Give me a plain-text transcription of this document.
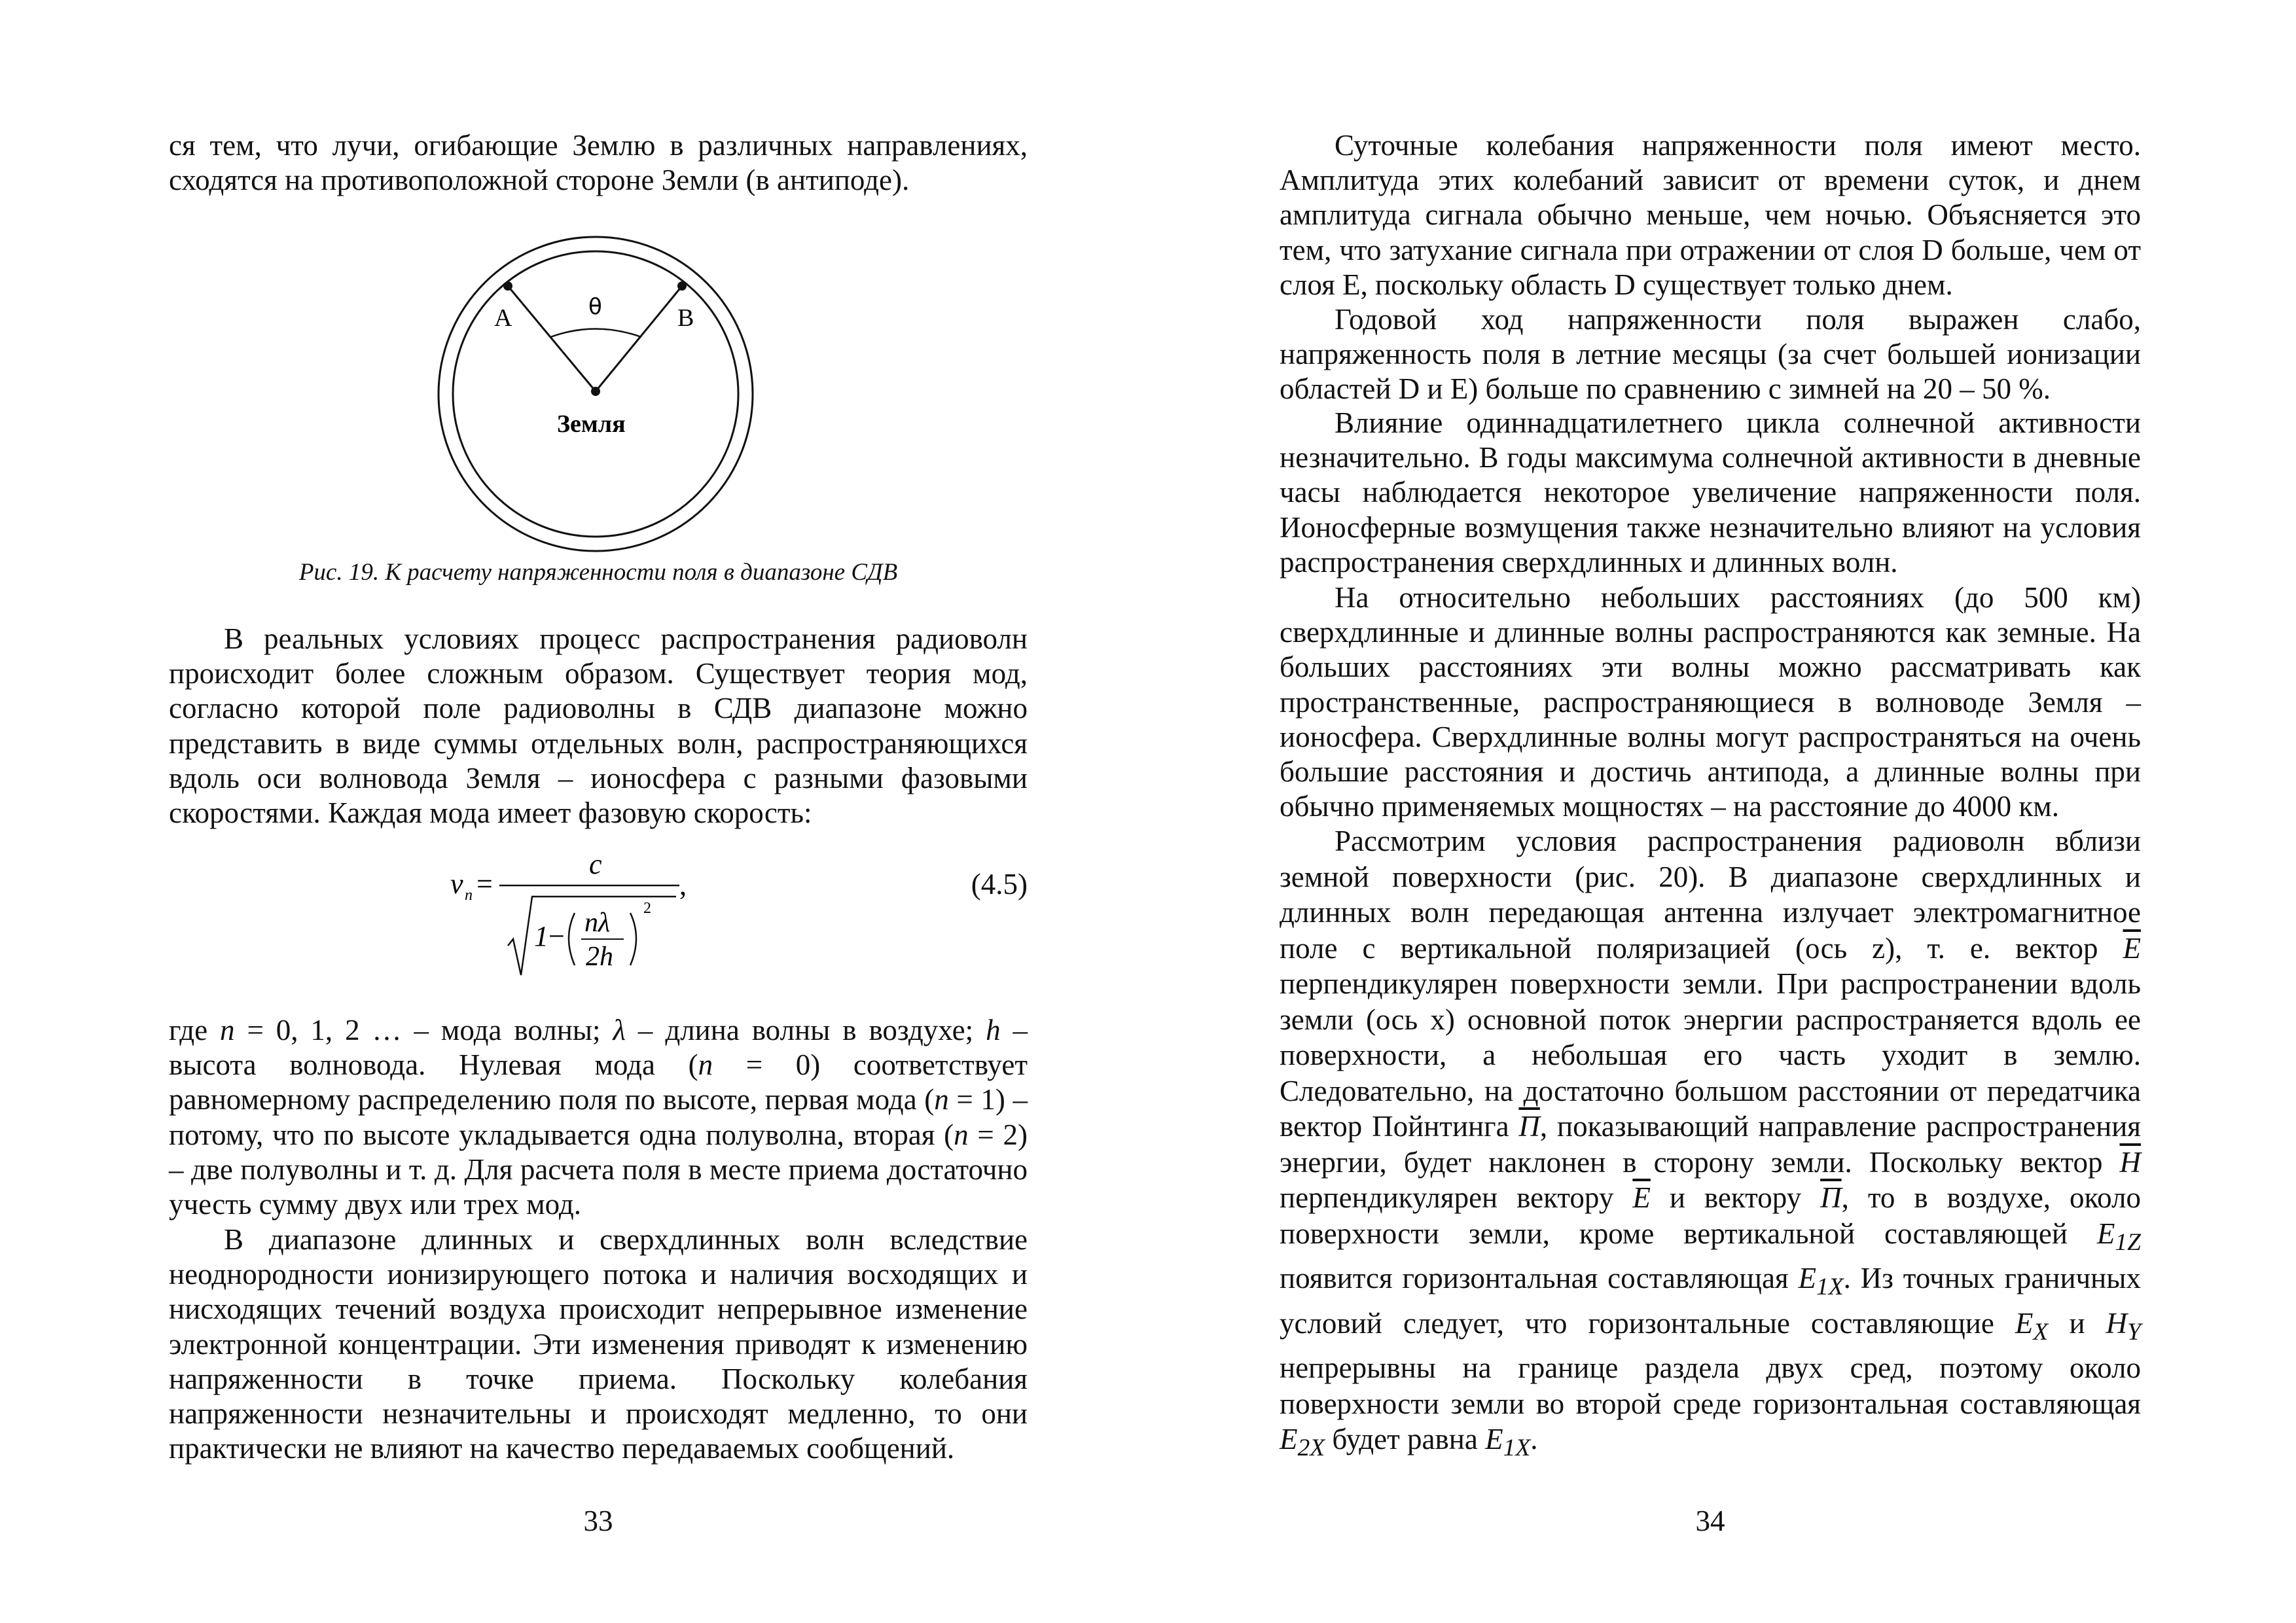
ся тем, что лучи, огибающие Землю в различных направлениях, сходятся на противоположной стороне Земли (в антиподе).

A	B
θ
Земля
Рис. 19. К расчету напряженности поля в диапазоне СДВ

В реальных условиях процесс распространения радиоволн происходит более сложным образом. Существует теория мод, согласно которой поле радиоволны в СДВ диапазоне можно представить в виде суммы отдельных волн, распространяющихся вдоль оси волновода Земля – ионосфера с разными фазовыми скоростями. Каждая мода имеет фазовую скорость:

v n =
c
1 − nλ
2h
2
,	(4.5)

где n = 0, 1, 2 … – мода волны; λ – длина волны в воздухе; h – высота волновода. Нулевая мода (n = 0) соответствует равномерному распределению поля по высоте, первая мода (n = 1) – потому, что по высоте укладывается одна полуволна, вторая (n = 2) – две полуволны и т. д. Для расчета поля в месте приема достаточно учесть сумму двух или трех мод.

В диапазоне длинных и сверхдлинных волн вследствие неоднородности ионизирующего потока и наличия восходящих и нисходящих течений воздуха происходит непрерывное изменение электронной концентрации. Эти изменения приводят к изменению напряженности в точке приема. Поскольку колебания напряженности незначительны и происходят медленно, то они практически не влияют на качество передаваемых сообщений.

33

Суточные колебания напряженности поля имеют место. Амплитуда этих колебаний зависит от времени суток, и днем амплитуда сигнала обычно меньше, чем ночью. Объясняется это тем, что затухание сигнала при отражении от слоя D больше, чем от слоя E, поскольку область D существует только днем.

Годовой ход напряженности поля выражен слабо, напряженность поля в летние месяцы (за счет большей ионизации областей D и E) больше по сравнению с зимней на 20 – 50 %.

Влияние одиннадцатилетнего цикла солнечной активности незначительно. В годы максимума солнечной активности в дневные часы наблюдается некоторое увеличение напряженности поля. Ионосферные возмущения также незначительно влияют на условия распространения сверхдлинных и длинных волн.

На относительно небольших расстояниях (до 500 км) сверхдлинные и длинные волны распространяются как земные. На больших расстояниях эти волны можно рассматривать как пространственные, распространяющиеся в волноводе Земля – ионосфера. Сверхдлинные волны могут распространяться на очень большие расстояния и достичь антипода, а длинные волны при обычно применяемых мощностях – на расстояние до 4000 км.

Рассмотрим условия распространения радиоволн вблизи земной поверхности (рис. 20). В диапазоне сверхдлинных и длинных волн передающая антенна излучает электромагнитное поле с вертикальной поляризацией (ось z), т. е. вектор $\overline{E}$ перпендикулярен поверхности земли. При распространении вдоль земли (ось x) основной поток энергии распространяется вдоль ее поверхности, а небольшая его часть уходит в землю. Следовательно, на достаточно большом расстоянии от передатчика вектор Пойнтинга П, показывающий направление распространения энергии, будет наклонен в сторону земли. Поскольку вектор $\overline{H}$ перпендикулярен вектору $\overline{E}$ и вектору П, то в воздухе, около поверхности земли, кроме вертикальной составляющей $E_{1Z}$ появится горизонтальная составляющая $E_{1X}$. Из точных граничных условий следует, что горизонтальные составляющие $E_X$ и $H_Y$ непрерывны на границе раздела двух сред, поэтому около поверхности земли во второй среде горизонтальная составляющая $E_{2X}$ будет равна $E_{1X}$.

34
